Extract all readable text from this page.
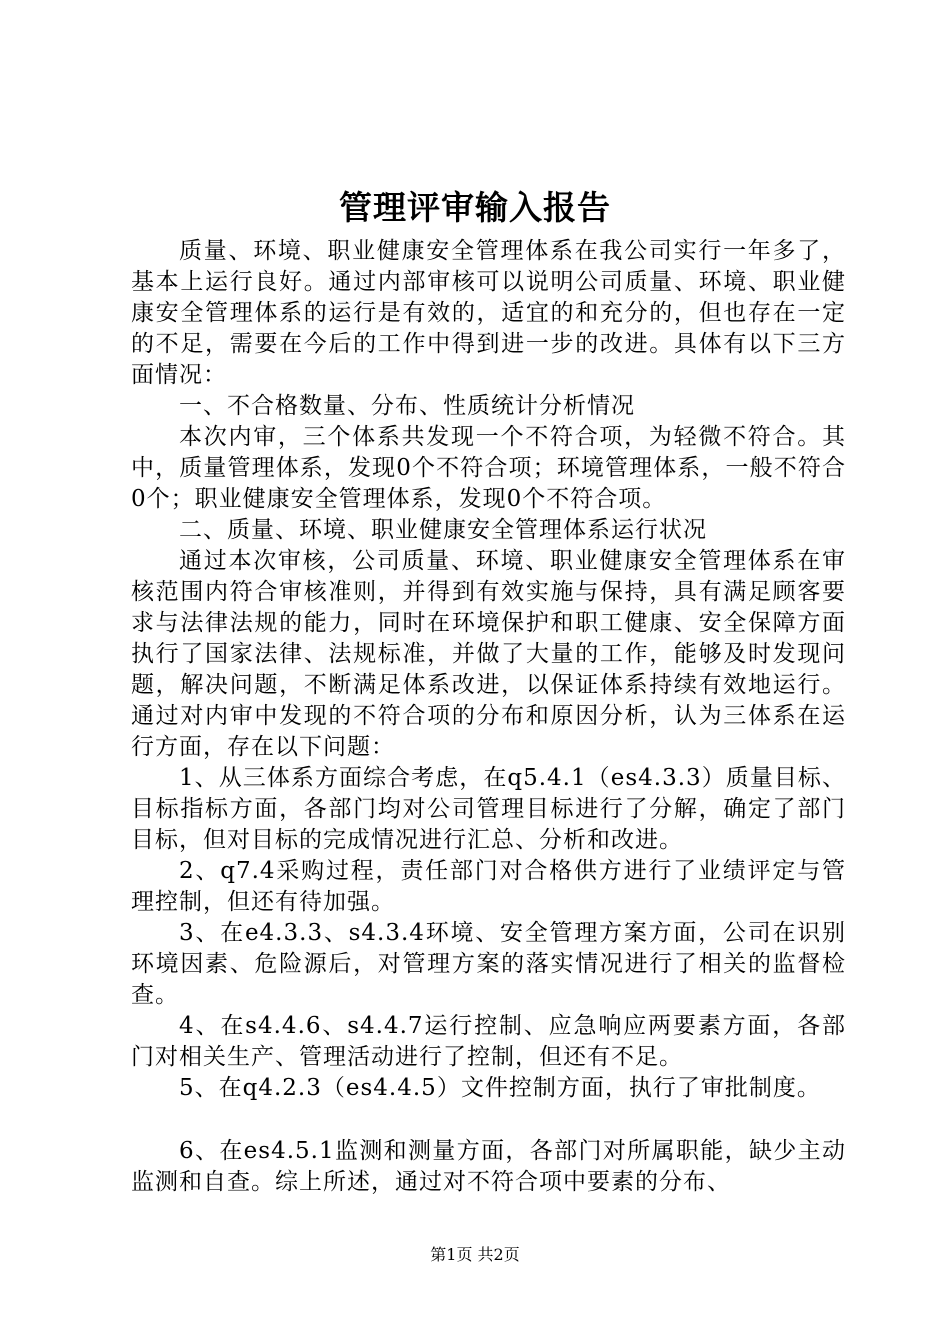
管理评审输入报告

质量、环境、职业健康安全管理体系在我公司实行一年多了，基本上运行良好。通过内部审核可以说明公司质量、环境、职业健康安全管理体系的运行是有效的，适宜的和充分的，但也存在一定的不足，需要在今后的工作中得到进一步的改进。具体有以下三方面情况：

一、不合格数量、分布、性质统计分析情况

本次内审，三个体系共发现一个不符合项，为轻微不符合。其中，质量管理体系，发现0个不符合项；环境管理体系，一般不符合0个；职业健康安全管理体系，发现0个不符合项。

二、质量、环境、职业健康安全管理体系运行状况

通过本次审核，公司质量、环境、职业健康安全管理体系在审核范围内符合审核准则，并得到有效实施与保持，具有满足顾客要求与法律法规的能力，同时在环境保护和职工健康、安全保障方面执行了国家法律、法规标准，并做了大量的工作，能够及时发现问题，解决问题，不断满足体系改进，以保证体系持续有效地运行。通过对内审中发现的不符合项的分布和原因分析，认为三体系在运行方面，存在以下问题：

1、从三体系方面综合考虑，在q5.4.1（es4.3.3）质量目标、目标指标方面，各部门均对公司管理目标进行了分解，确定了部门目标，但对目标的完成情况进行汇总、分析和改进。

2、q7.4采购过程，责任部门对合格供方进行了业绩评定与管理控制，但还有待加强。

3、在e4.3.3、s4.3.4环境、安全管理方案方面，公司在识别环境因素、危险源后，对管理方案的落实情况进行了相关的监督检查。

4、在s4.4.6、s4.4.7运行控制、应急响应两要素方面，各部门对相关生产、管理活动进行了控制，但还有不足。

5、在q4.2.3（es4.4.5）文件控制方面，执行了审批制度。

6、在es4.5.1监测和测量方面，各部门对所属职能，缺少主动监测和自查。综上所述，通过对不符合项中要素的分布、

第1页 共2页
